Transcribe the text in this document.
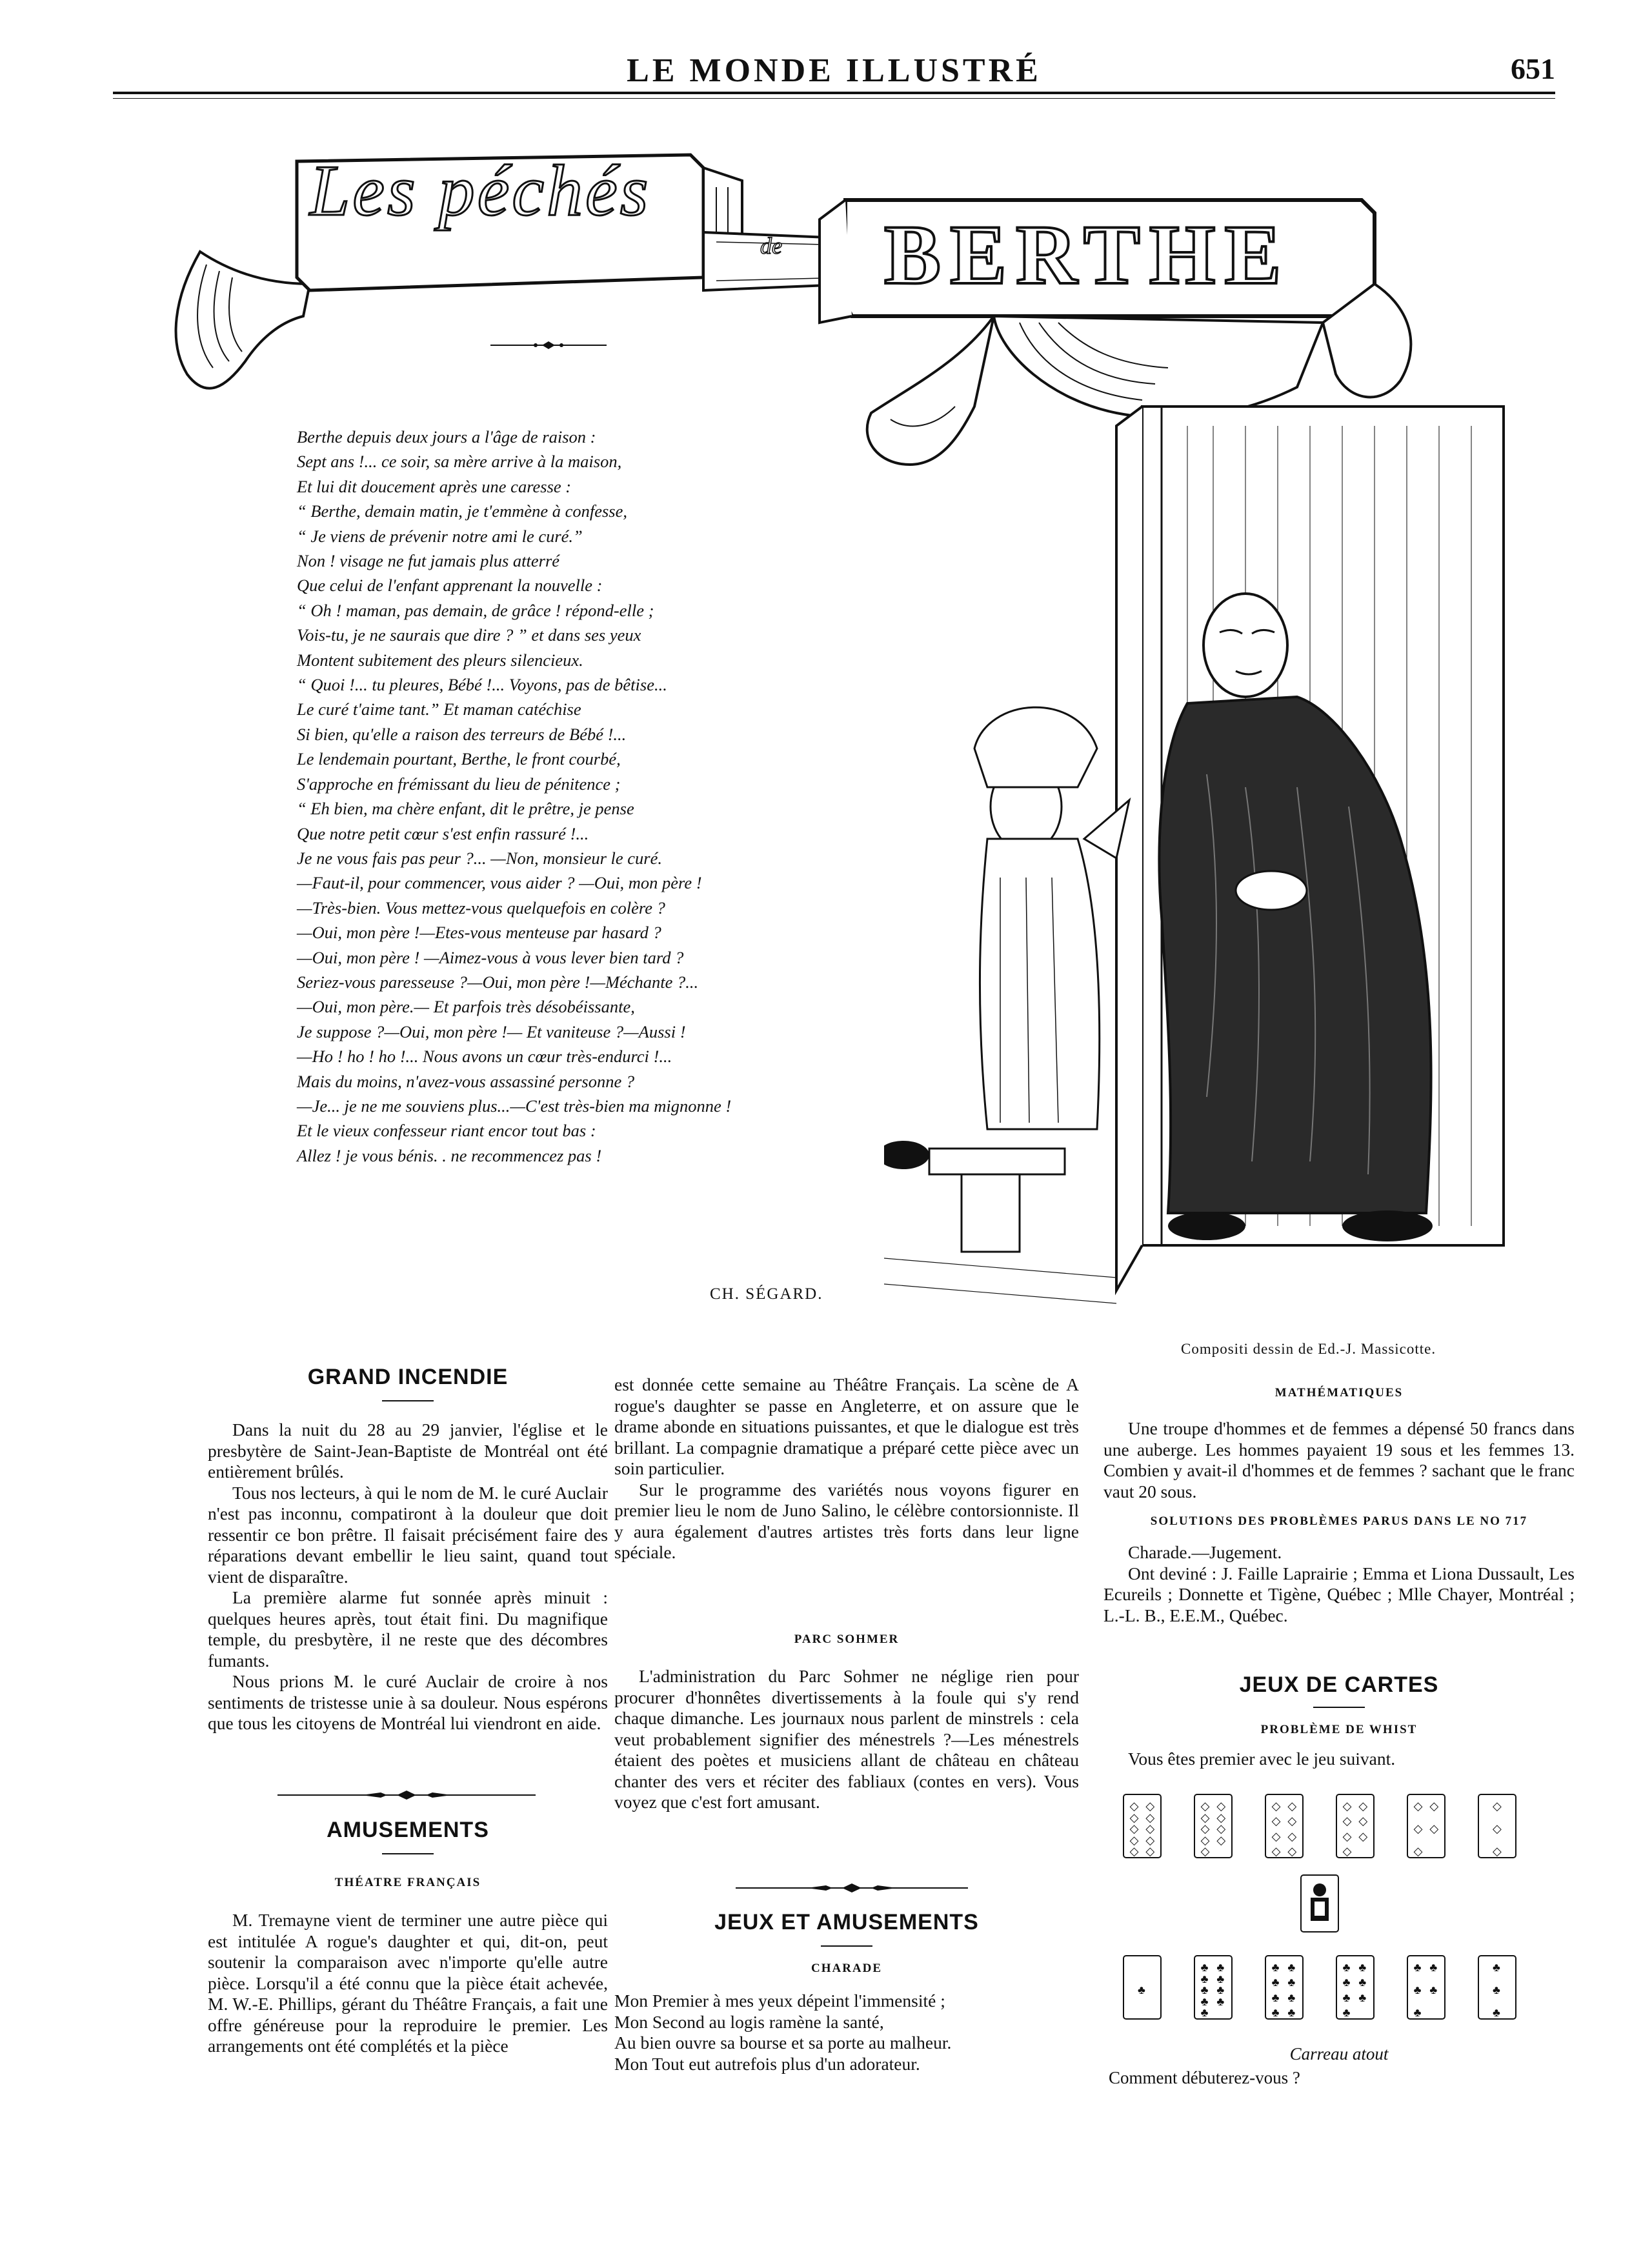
LE MONDE ILLUSTRÉ	651
Les péchés
de BERTHE
Berthe depuis deux jours a l'âge de raison :
Sept ans !... ce soir, sa mère arrive à la maison,
Et lui dit doucement après une caresse :
“ Berthe, demain matin, je t'emmène à confesse,
“ Je viens de prévenir notre ami le curé.”
Non ! visage ne fut jamais plus atterré
Que celui de l'enfant apprenant la nouvelle :
“ Oh ! maman, pas demain, de grâce ! répond-elle ;
Vois-tu, je ne saurais que dire ? ” et dans ses yeux
Montent subitement des pleurs silencieux.
“ Quoi !... tu pleures, Bébé !... Voyons, pas de bêtise...
Le curé t'aime tant.” Et maman catéchise
Si bien, qu'elle a raison des terreurs de Bébé !...
Le lendemain pourtant, Berthe, le front courbé,
S'approche en frémissant du lieu de pénitence ;
“ Eh bien, ma chère enfant, dit le prêtre, je pense
Que notre petit cœur s'est enfin rassuré !...
Je ne vous fais pas peur ?... —Non, monsieur le curé.
—Faut-il, pour commencer, vous aider ? —Oui, mon père !
—Très-bien. Vous mettez-vous quelquefois en colère ?
—Oui, mon père !—Etes-vous menteuse par hasard ?
—Oui, mon père ! —Aimez-vous à vous lever bien tard ?
Seriez-vous paresseuse ?—Oui, mon père !—Méchante ?...
—Oui, mon père.— Et parfois très désobéissante,
Je suppose ?—Oui, mon père !— Et vaniteuse ?—Aussi !
—Ho ! ho ! ho !... Nous avons un cœur très-endurci !...
Mais du moins, n'avez-vous assassiné personne ?
—Je... je ne me souviens plus...—C'est très-bien ma mignonne !
Et le vieux confesseur riant encor tout bas :
Allez ! je vous bénis. . ne recommencez pas !
CH. SÉGARD.
Compositi dessin de Ed.-J. Massicotte.
GRAND INCENDIE

Dans la nuit du 28 au 29 janvier, l'église et le presbytère de Saint-Jean-Baptiste de Montréal ont été entièrement brûlés.

Tous nos lecteurs, à qui le nom de M. le curé Auclair n'est pas inconnu, compatiront à la douleur que doit ressentir ce bon prêtre. Il faisait précisément faire des réparations devant embellir le lieu saint, quand tout vient de disparaître.

La première alarme fut sonnée après minuit : quelques heures après, tout était fini. Du magnifique temple, du presbytère, il ne reste que des décombres fumants.

Nous prions M. le curé Auclair de croire à nos sentiments de tristesse unie à sa douleur. Nous espérons que tous les citoyens de Montréal lui viendront en aide.

AMUSEMENTS
THÉATRE FRANÇAIS

M. Tremayne vient de terminer une autre pièce qui est intitulée A rogue's daughter et qui, dit-on, peut soutenir la comparaison avec n'importe qu'elle autre pièce. Lorsqu'il a été connu que la pièce était achevée, M. W.-E. Phillips, gérant du Théâtre Français, a fait une offre généreuse pour la reproduire le premier. Les arrangements ont été complétés et la pièce

est donnée cette semaine au Théâtre Français. La scène de A rogue's daughter se passe en Angleterre, et on assure que le drame abonde en situations puissantes, et que le dialogue est très brillant. La compagnie dramatique a préparé cette pièce avec un soin particulier.

Sur le programme des variétés nous voyons figurer en premier lieu le nom de Juno Salino, le célèbre contorsionniste. Il y aura également d'autres artistes très forts dans leur ligne spéciale.

PARC SOHMER

L'administration du Parc Sohmer ne néglige rien pour procurer d'honnêtes divertissements à la foule qui s'y rend chaque dimanche. Les journaux nous parlent de minstrels : cela veut probablement signifier des ménestrels ?—Les ménestrels étaient des poètes et musiciens allant de château en château chanter des vers et réciter des fabliaux (contes en vers). Vous voyez que c'est fort amusant.

JEUX ET AMUSEMENTS
CHARADE
Mon Premier à mes yeux dépeint l'immensité ;
Mon Second au logis ramène la santé,
Au bien ouvre sa bourse et sa porte au malheur.
Mon Tout eut autrefois plus d'un adorateur.
MATHÉMATIQUES

Une troupe d'hommes et de femmes a dépensé 50 francs dans une auberge. Les hommes payaient 19 sous et les femmes 13. Combien y avait-il d'hommes et de femmes ? sachant que le franc vaut 20 sous.

SOLUTIONS DES PROBLÈMES PARUS DANS LE NO 717

Charade.—Jugement.

Ont deviné : J. Faille Laprairie ; Emma et Liona Dussault, Les Ecureils ; Donnette et Tigène, Québec ; Mlle Chayer, Montréal ; L.-L. B., E.E.M., Québec.

JEUX DE CARTES
PROBLÈME DE WHIST

Vous êtes premier avec le jeu suivant.

◇ ◇
◇ ◇
◇ ◇
◇ ◇
◇ ◇
◇ ◇
◇ ◇
◇ ◇
◇ ◇
◇
◇ ◇
◇ ◇
◇ ◇
◇ ◇
◇ ◇
◇ ◇
◇ ◇
◇
◇ ◇
◇ ◇
◇
◇
◇
◇
♣
♣ ♣
♣ ♣
♣ ♣
♣ ♣
♣
♣ ♣
♣ ♣
♣ ♣
♣ ♣
♣ ♣
♣ ♣
♣ ♣
♣
♣ ♣
♣ ♣
♣
♣
♣
♣
Carreau atout
Comment débuterez-vous ?
